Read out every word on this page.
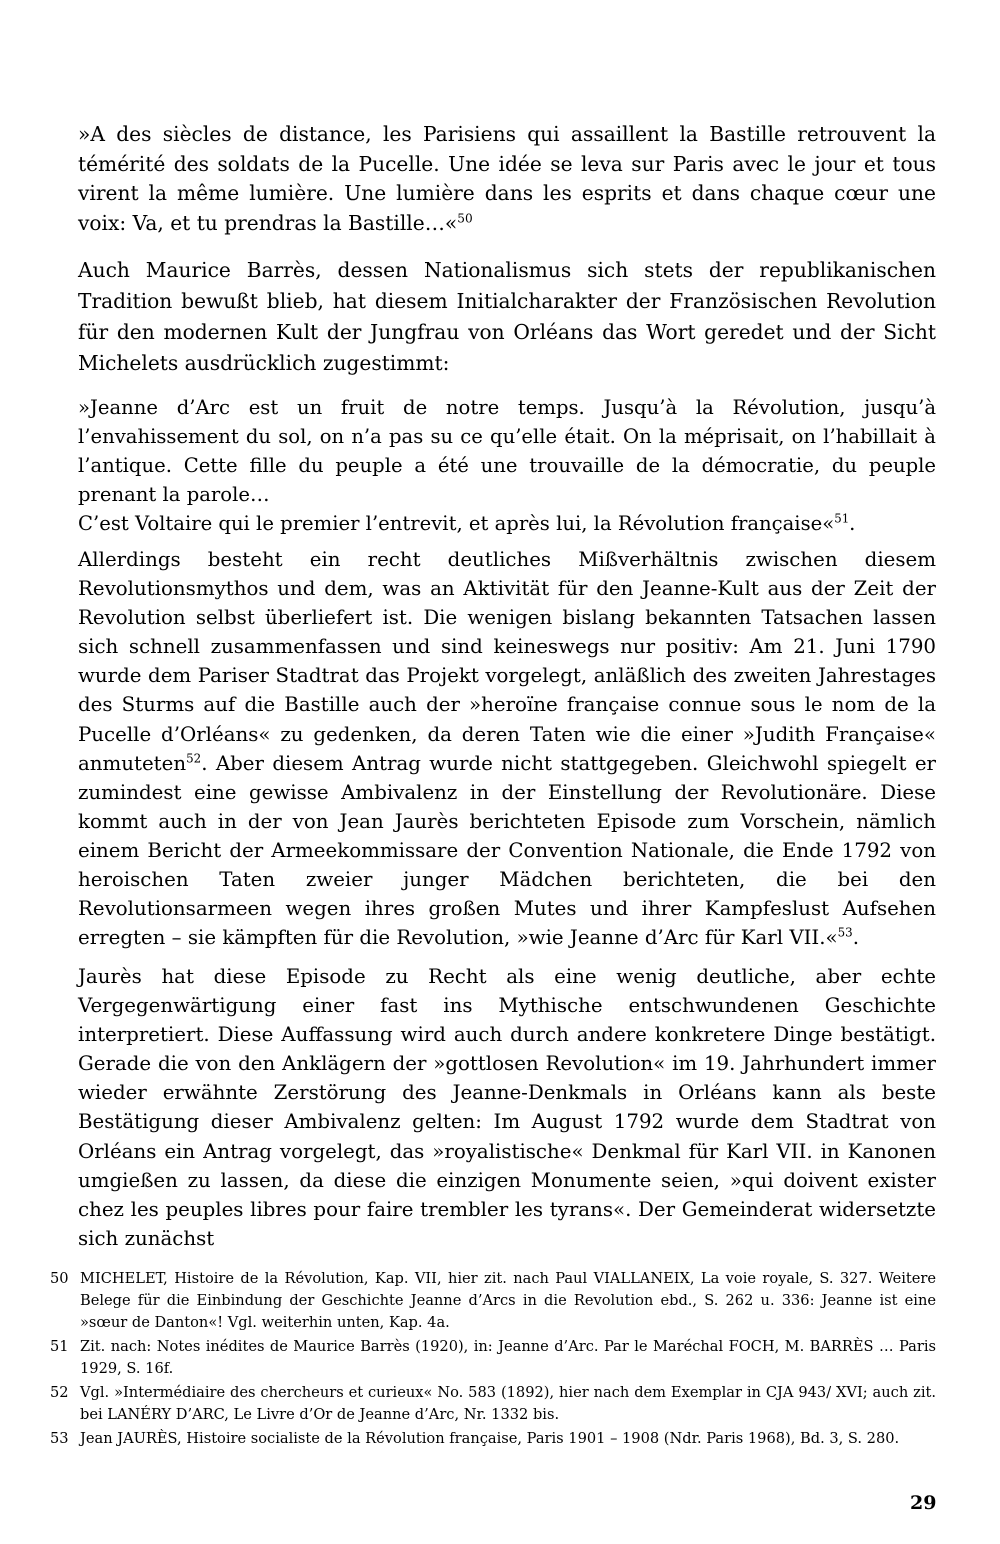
»A des siècles de distance, les Parisiens qui assaillent la Bastille retrouvent la témérité des soldats de la Pucelle. Une idée se leva sur Paris avec le jour et tous virent la même lumière. Une lumière dans les esprits et dans chaque cœur une voix: Va, et tu prendras la Bastille…«$^{50}$
Auch Maurice Barrès, dessen Nationalismus sich stets der republikanischen Tradition bewußt blieb, hat diesem Initialcharakter der Französischen Revolution für den modernen Kult der Jungfrau von Orléans das Wort geredet und der Sicht Michelets ausdrücklich zugestimmt:
»Jeanne d’Arc est un fruit de notre temps. Jusqu’à la Révolution, jusqu’à l’envahissement du sol, on n’a pas su ce qu’elle était. On la méprisait, on l’habillait à l’antique. Cette fille du peuple a été une trouvaille de la démocratie, du peuple prenant la parole…
C’est Voltaire qui le premier l’entrevit, et après lui, la Révolution française«$^{51}$.
Allerdings besteht ein recht deutliches Mißverhältnis zwischen diesem Revolutionsmythos und dem, was an Aktivität für den Jeanne-Kult aus der Zeit der Revolution selbst überliefert ist. Die wenigen bislang bekannten Tatsachen lassen sich schnell zusammenfassen und sind keineswegs nur positiv: Am 21. Juni 1790 wurde dem Pariser Stadtrat das Projekt vorgelegt, anläßlich des zweiten Jahrestages des Sturms auf die Bastille auch der »heroïne française connue sous le nom de la Pucelle d’Orléans« zu gedenken, da deren Taten wie die einer »Judith Française« anmuteten$^{52}$. Aber diesem Antrag wurde nicht stattgegeben. Gleichwohl spiegelt er zumindest eine gewisse Ambivalenz in der Einstellung der Revolutionäre. Diese kommt auch in der von Jean Jaurès berichteten Episode zum Vorschein, nämlich einem Bericht der Armeekommissare der Convention Nationale, die Ende 1792 von heroischen Taten zweier junger Mädchen berichteten, die bei den Revolutionsarmeen wegen ihres großen Mutes und ihrer Kampfeslust Aufsehen erregten – sie kämpften für die Revolution, »wie Jeanne d’Arc für Karl VII.«$^{53}$.
Jaurès hat diese Episode zu Recht als eine wenig deutliche, aber echte Vergegenwärtigung einer fast ins Mythische entschwundenen Geschichte interpretiert. Diese Auffassung wird auch durch andere konkretere Dinge bestätigt. Gerade die von den Anklägern der »gottlosen Revolution« im 19. Jahrhundert immer wieder erwähnte Zerstörung des Jeanne-Denkmals in Orléans kann als beste Bestätigung dieser Ambivalenz gelten: Im August 1792 wurde dem Stadtrat von Orléans ein Antrag vorgelegt, das »royalistische« Denkmal für Karl VII. in Kanonen umgießen zu lassen, da diese die einzigen Monumente seien, »qui doivent exister chez les peuples libres pour faire trembler les tyrans«. Der Gemeinderat widersetzte sich zunächst
50 MICHELET, Histoire de la Révolution, Kap. VII, hier zit. nach Paul VIALLANEIX, La voie royale, S. 327. Weitere Belege für die Einbindung der Geschichte Jeanne d’Arcs in die Revolution ebd., S. 262 u. 336: Jeanne ist eine »sœur de Danton«! Vgl. weiterhin unten, Kap. 4a.
51 Zit. nach: Notes inédites de Maurice Barrès (1920), in: Jeanne d’Arc. Par le Maréchal FOCH, M. BARRÈS … Paris 1929, S. 16f.
52 Vgl. »Intermédiaire des chercheurs et curieux« No. 583 (1892), hier nach dem Exemplar in CJA 943/ XVI; auch zit. bei LANÉRY D’ARC, Le Livre d’Or de Jeanne d’Arc, Nr. 1332 bis.
53 Jean JAURÈS, Histoire socialiste de la Révolution française, Paris 1901 – 1908 (Ndr. Paris 1968), Bd. 3, S. 280.
29
